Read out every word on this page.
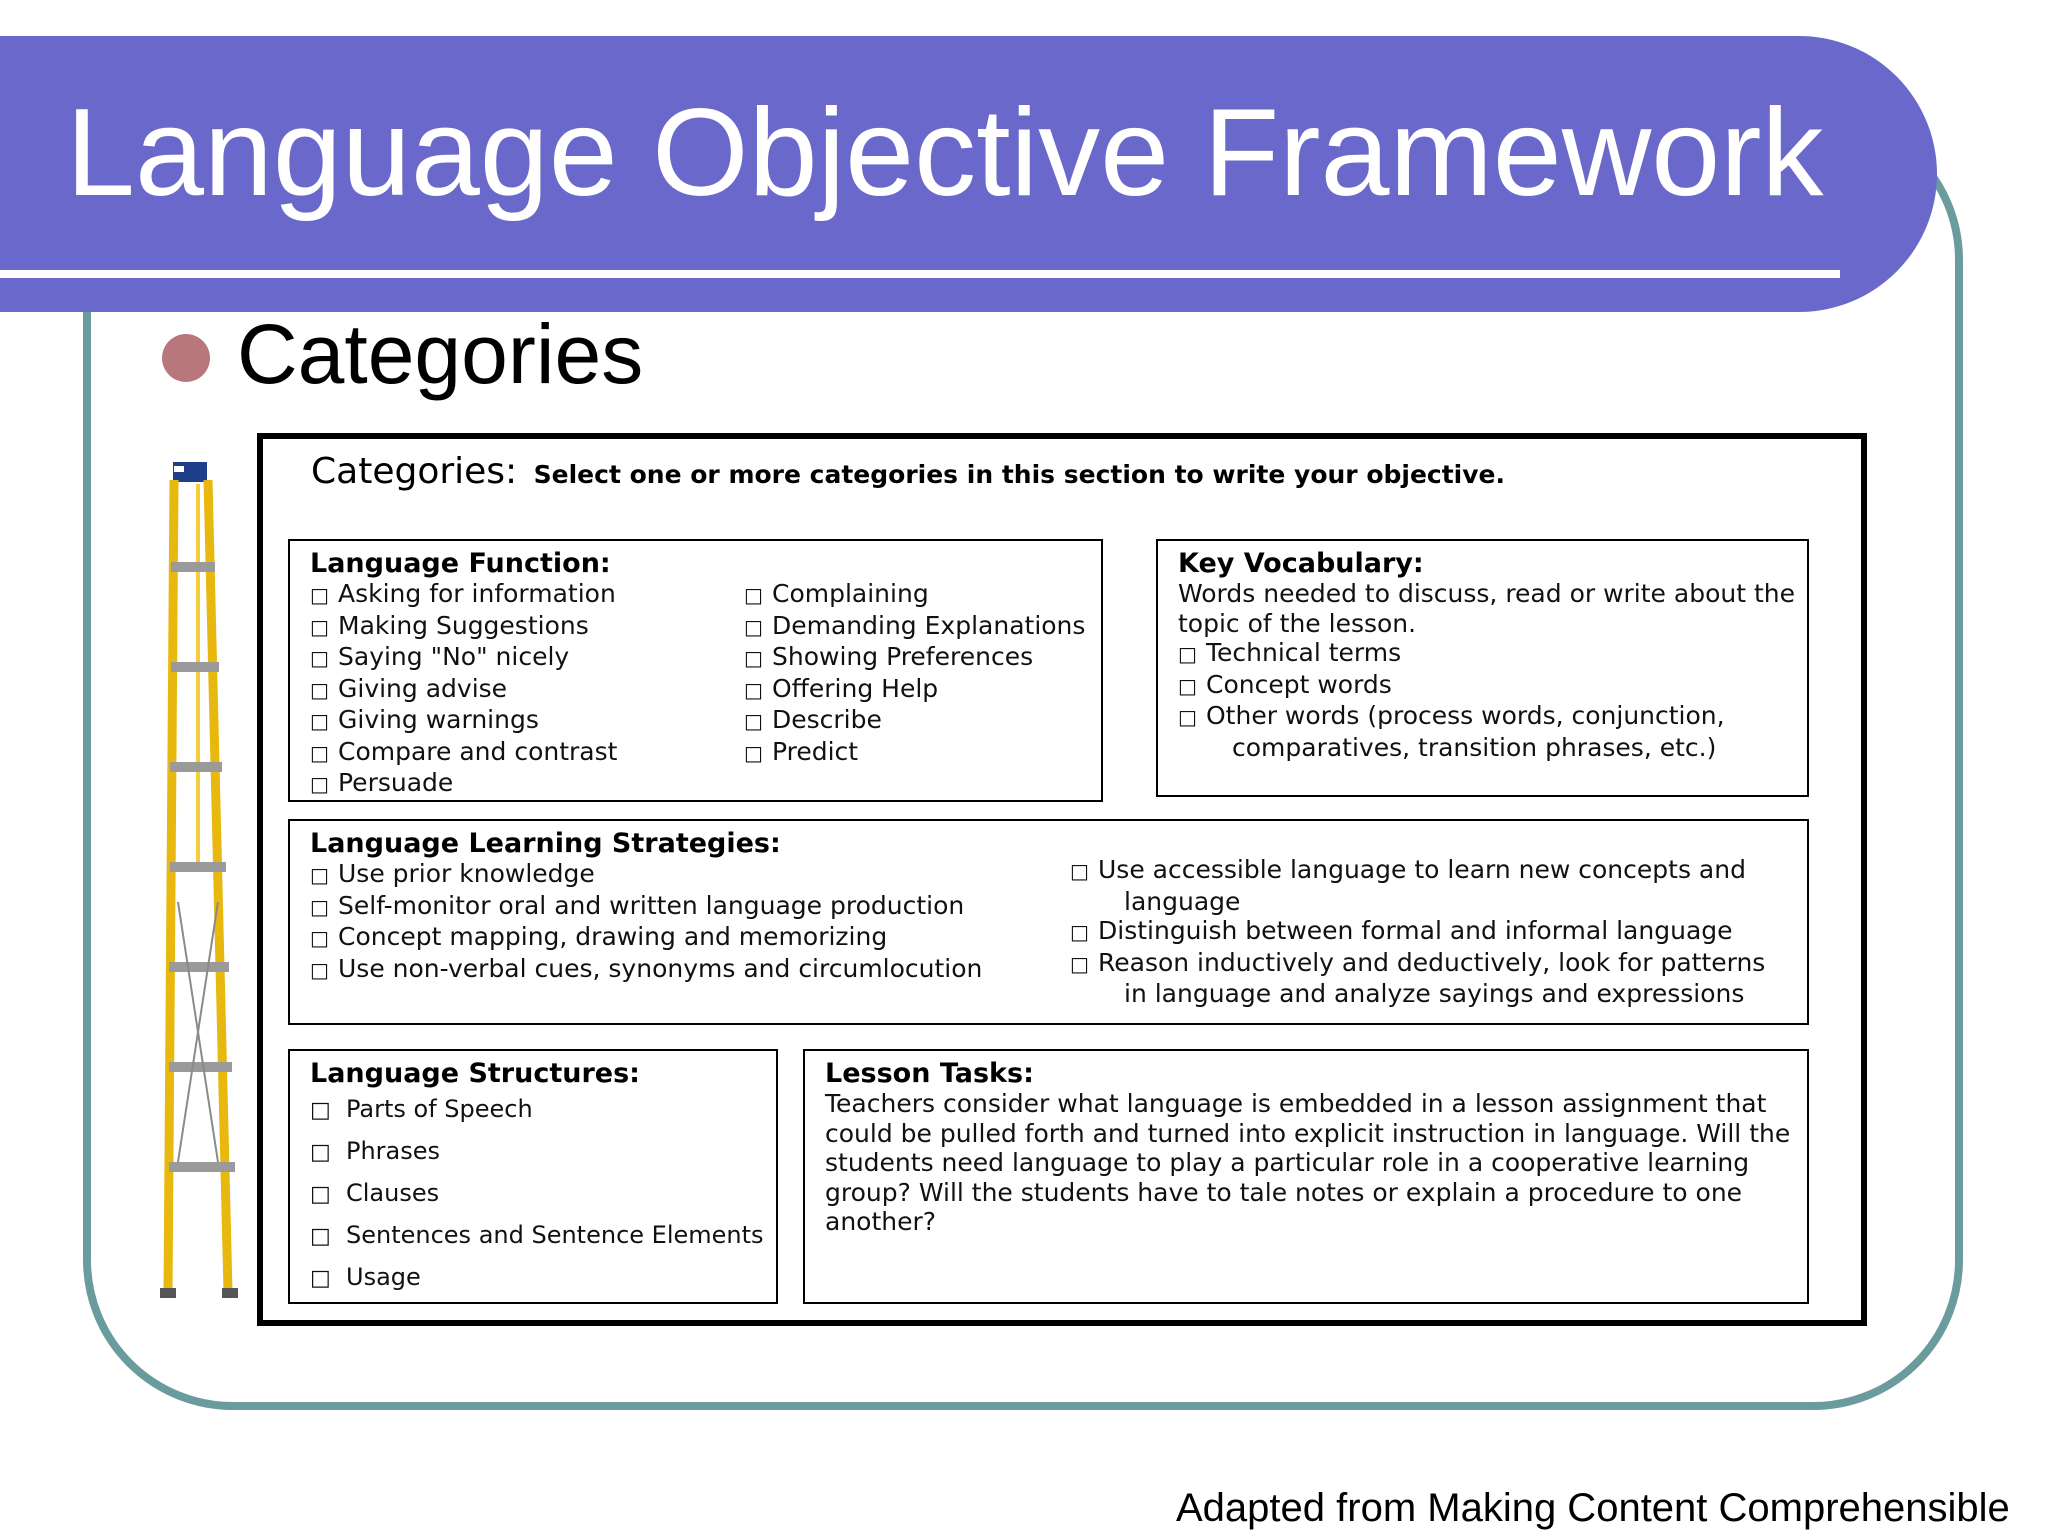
Language Objective Framework
Categories
Categories: Select one or more categories in this section to write your objective.
Language Function:
□ Asking for information
□ Making Suggestions
□ Saying "No" nicely
□ Giving advise
□ Giving warnings
□ Compare and contrast
□ Persuade
□ Complaining
□ Demanding Explanations
□ Showing Preferences
□ Offering Help
□ Describe
□ Predict
Key Vocabulary:
Words needed to discuss, read or write about the
topic of the lesson.
□ Technical terms
□ Concept words
□ Other words (process words, conjunction,
comparatives, transition phrases, etc.)
Language Learning Strategies:
□ Use prior knowledge
□ Self-monitor oral and written language production
□ Concept mapping, drawing and memorizing
□ Use non-verbal cues, synonyms and circumlocution
□ Use accessible language to learn new concepts and
language
□ Distinguish between formal and informal language
□ Reason inductively and deductively, look for patterns
in language and analyze sayings and expressions
Language Structures:
□ Parts of Speech
□ Phrases
□ Clauses
□ Sentences and Sentence Elements
□ Usage
Lesson Tasks:
Teachers consider what language is embedded in a lesson assignment that
could be pulled forth and turned into explicit instruction in language. Will the
students need language to play a particular role in a cooperative learning
group? Will the students have to tale notes or explain a procedure to one
another?
Adapted from Making Content Comprehensible
